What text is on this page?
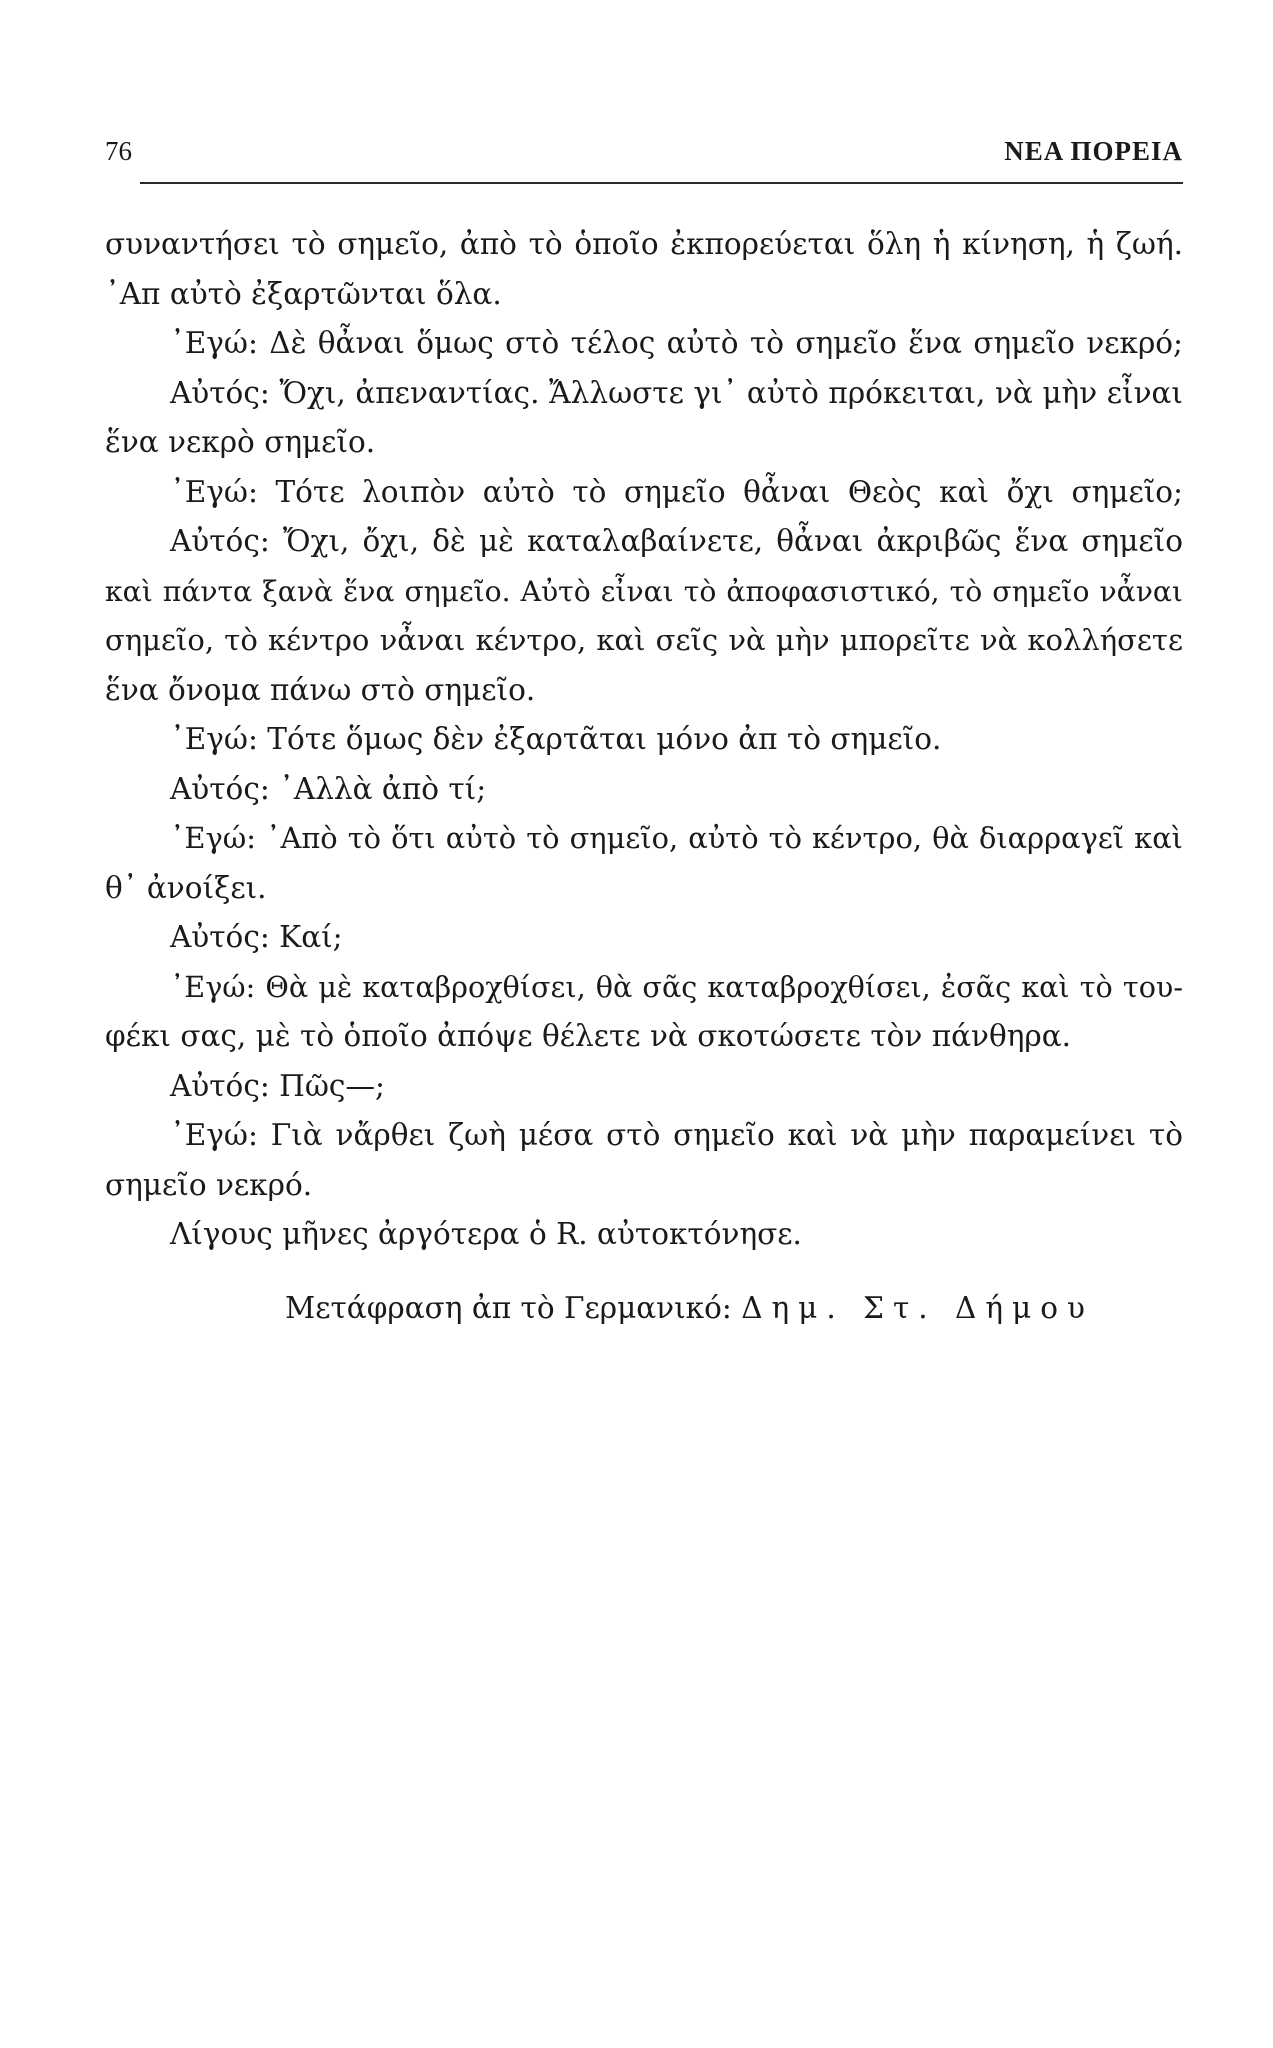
76	NEA ΠΟΡΕΙΑ
συναντήσει τὸ σημεῖο, ἀπὸ τὸ ὁποῖο ἐκπορεύεται ὅλη ἡ κίνηση, ἡ ζωή.
᾽Απ αὐτὸ ἐξαρτῶνται ὅλα.
᾽Εγώ: Δὲ θἆναι ὅμως στὸ τέλος αὐτὸ τὸ σημεῖο ἕνα σημεῖο νεκρό;
Αὐτός: Ὄχι, ἀπεναντίας. Ἄλλωστε γι᾽ αὐτὸ πρόκειται, νὰ μὴν εἶναι
ἕνα νεκρὸ σημεῖο.
᾽Εγώ: Τότε λοιπὸν αὐτὸ τὸ σημεῖο θἆναι Θεὸς καὶ ὄχι σημεῖο;
Αὐτός: Ὄχι, ὄχι, δὲ μὲ καταλαβαίνετε, θἆναι ἀκριβῶς ἕνα σημεῖο
καὶ πάντα ξανὰ ἕνα σημεῖο. Αὐτὸ εἶναι τὸ ἀποφασιστικό, τὸ σημεῖο νἆναι
σημεῖο, τὸ κέντρο νἆναι κέντρο, καὶ σεῖς νὰ μὴν μπορεῖτε νὰ κολλήσετε
ἕνα ὄνομα πάνω στὸ σημεῖο.
᾽Εγώ: Τότε ὅμως δὲν ἐξαρτᾶται μόνο ἀπ τὸ σημεῖο.
Αὐτός: ᾽Αλλὰ ἀπὸ τί;
᾽Εγώ: ᾽Απὸ τὸ ὅτι αὐτὸ τὸ σημεῖο, αὐτὸ τὸ κέντρο, θὰ διαρραγεῖ καὶ
θ᾽ ἀνοίξει.
Αὐτός: Καί;
᾽Εγώ: Θὰ μὲ καταβροχθίσει, θὰ σᾶς καταβροχθίσει, ἐσᾶς καὶ τὸ του-
φέκι σας, μὲ τὸ ὁποῖο ἀπόψε θέλετε νὰ σκοτώσετε τὸν πάνθηρα.
Αὐτός: Πῶς—;
᾽Εγώ: Γιὰ νἄρθει ζωὴ μέσα στὸ σημεῖο καὶ νὰ μὴν παραμείνει τὸ
σημεῖο νεκρό.
Λίγους μῆνες ἀργότερα ὁ R. αὐτοκτόνησε.
Μετάφραση ἀπ τὸ Γερμανικό: Δημ. Στ. Δήμου
